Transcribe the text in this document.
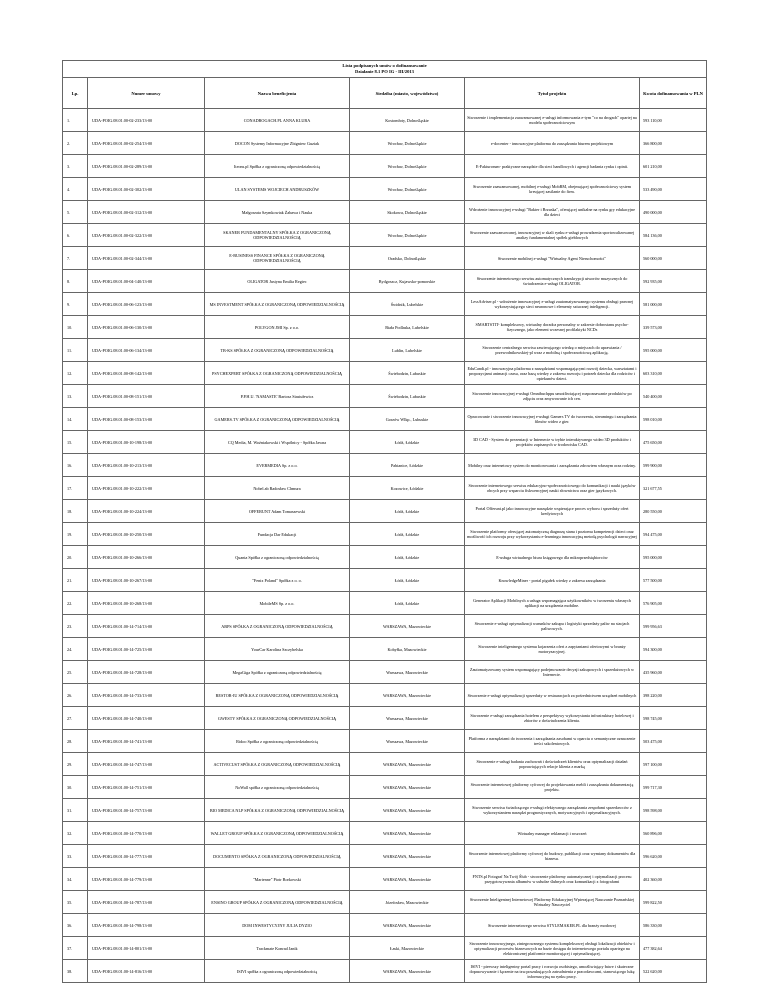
Lista podpisanych umów o dofinansowanie
Działanie 8.1 PO IG - III/2013					

Lp.	Numer umowy	Nazwa beneficjenta	Siedziba (miasto, województwo)	Tytuł projektu	Kwota dofinansowania w PLN
1.	UDA-POIG.08.01.00-02-233/13-00	CONADROGACH.PL ANNA KLUBA	Kostomłoty, Dolnośląskie	Stworzenie i implementacja zaawansowanej e-usługi informowania e-tym "co na drogach" opartej na modelu społecznościowym	593 110,00
2.	UDA-POIG.08.01.00-02-254/13-00	DOCON Systemy Informacyjne Zbigniew Guziak	Wrocław, Dolnośląskie	e-docenter - innowacyjne platforma do zarządzania biurem projektowym	366 800,00
3.	UDA-POIG.08.01.00-02-289/13-00	Iteons.pl Spółka z ograniczoną odpowiedzialnością	Wrocław, Dolnośląskie	E-Fakturorum- praktyczne narzędzie dla sieci handlowych i agencji badania rynku i opinii.	601 210,00
4.	UDA-POIG.08.01.00-02-302/13-00	ULAN SYSTEMS WOJCIECH ANDRUSZKÓW	Wrocław, Dolnośląskie	Stworzenie zaawansowanej, mobilnej e-usługi MobRM, obejmującej społecznościowy system kreującej zasilanie do firm.	533 490,00
5.	UDA-POIG.08.01.00-02-312/13-00	Małgorzata Szymkowiak Żabawa i Nauka	Skokowa, Dolnośląskie	Wdrożenie innowacyjnej e-usługi "Bakter i Brzuska", oferującej unikalne na rynku gry edukacyjne dla dzieci	490 000,00
6.	UDA-POIG.08.01.00-02-322/13-00	SKANER FUNDAMENTALNY SPÓŁKA Z OGRANICZONĄ ODPOWIEDZIALNOŚCIĄ	Wrocław, Dolnośląskie	Stworzenie zaawansowanej, innowacyjnej w skali rynku e-usługi prowadzenia sportowalizowanej analizy fundamentalnej spółek giełdowych	584 136,00
7.	UDA-POIG.08.01.00-02-344/13-00	E-BUSINESS FINANCE SPÓŁKA Z OGRANICZONĄ ODPOWIEDZIALNOŚCIĄ	Oradsko, Dolnośląskie	Stworzenie mobilnej e-usługi "Wirtualny Agent Nieruchomości"	560 000,00
8.	UDA-POIG.08.01.00-04-140/13-00	OLIGATOR Justyna Emilia Regiec	Bydgoszcz, Kujawsko-pomorskie	Stworzenie internetowego serwisu automatycznych transkrypcji utworów muzycznych do świadczenia e-usługi OLIGATOR.	592 935,00
9.	UDA-POIG.08.01.00-06-123/13-00	MS INVESTMENT SPÓŁKA Z OGRANICZONĄ ODPOWIEDZIALNOŚCIĄ	Świdnik, Lubelskie	LessAdviser.pl - wdrożenie innowacyjnej e-usługi zautomatyzowanego systemu obsługi prawnej wykorzystującego sieci neuronowe i elementy sztucznej inteligencji.	581 000,00
10.	UDA-POIG.08.01.00-06-130/13-00	POLYGON JMI Sp. z o.o.	Biała Podlaska, Lubelskie	SMARTSTIT- kompleksowy, wirtualny doradca personalny w zakresie dobrostanu psycho-fizycznego, jako element wczesnej profilaktyki NCDs	339 573,00
11.	UDA-POIG.08.01.00-06-134/13-00	TB-KS SPÓŁKA Z OGRANICZONĄ ODPOWIEDZIALNOŚCIĄ	Lublin, Lubelskie	Stworzenie centralnego serwisu zawierającego wiedzę o miejscach do uprawiania / przewodnikowskiej-pl wraz z mobilną i społecznościową aplikacją.	595 000,00
12.	UDA-POIG.08.01.00-08-142/13-00	PSYCHEXPERT SPÓŁKA Z OGRANICZONĄ ODPOWIEDZIALNOŚCIĄ	Świebodzin, Lubuskie	EduCandi.pl - innowacyjna platforma z narzędziami wspomagającymi rozwój dziecka, warsztatami i propozycjami animacji czasu, oraz bazą wiedzy z zakresu rozwoju i potrzeb dziecka dla rodziców i opiekunów dzieci.	603 310,00
13.	UDA-POIG.08.01.00-08-151/13-00	P.P.H.U. 'NAMASTE' Bartosz Stasiułewicz	Świebodzin, Lubuskie	Stworzenie innowacyjnej e-usługi Omnibuchppu umożliwiającej rozpoznawanie produktów po zdjęciu oraz zmywowanie ich cen.	540 400,00
14.	UDA-POIG.08.01.00-08-153/13-00	GAMERS.TV SPÓŁKA Z OGRANICZONĄ ODPOWIEDZIALNOŚCIĄ	Gorzów Wlkp., Lubuskie	Opracowanie i stworzenie innowacyjnej e-usługi Gamers TV do tworzenia, streamingu i zarządzania filmów wideo z gier.	598 010,00
15.	UDA-POIG.08.01.00-10-198/13-00	CQ Media, M. Woźniakowski i Wspólnicy - Spółka Jawna	Łódź, Łódzkie	3D CAD - System do prezentacji w Internecie w trybie interaktywnego wideo 3D produktów i projektów zapisanych w środowisku CAD.	475 650,00
16.	UDA-POIG.08.01.00-10-213/13-00	EVERMEDIA Sp. z o.o.	Pabianice, Łódzkie	Mobilny oraz internetowy system do monitorowania i zarządzania zdrowiem własnym oraz rodziny.	599 900,00
17.	UDA-POIG.08.01.00-10-222/13-00	Nobel.ab Radosław Chmura	Kozowice, Łódzkie	Stworzenie internetowego serwisu edukacyjno-społecznościowego do komunikacji i nauki języków obcych przy wsparciu fiskwencyjnej nauki słownictwa oraz gier językowych.	321 677,55
18.	UDA-POIG.08.01.00-10-224/13-00	OFFERUNT Adam Tomaszewski	Łódź, Łódzkie	Portal Offerunt.pl jako innowacyjne narzędzie wspierające proces wyboru i sprzedaży ofert kredytowych	280 550,00
19.	UDA-POIG.08.01.00-10-250/13-00	Fundacja Dar Edukacji	Łódź, Łódzkie	Stworzenie platformy oferującej automatyczną diagnozę stanu i poziomu kompetencji dzieci oraz możliwość ich rozwoju przy wykorzystaniu e-learningu innowacyjną metodą psychologii narracyjnej	594 475,00
20.	UDA-POIG.08.01.00-10-266/13-00	Quanta Spółka z ograniczoną odpowiedzialnością	Łódź, Łódzkie	E-usługa wirtualnego biura księgowego dla mikroprzedsiębiorców	595 000,00
21.	UDA-POIG.08.01.00-10-267/13-00	"Fenix Poland" Spółka z o. o.	Łódź, Łódzkie	KnowledgeMiner - portal pigułek wiedzy z zakresu zarządzania	577 500,00
22.	UDA-POIG.08.01.00-10-268/13-00	MobileMS Sp. z o.o.	Łódź, Łódzkie	Generator Aplikacji Mobilnych a usługa wspomagająca użytkowników w tworzeniu własnych aplikacji na urządzenia mobilne.	576 905,00
23.	UDA-POIG.08.01.00-14-714/13-00	ABPS SPÓŁKA Z OGRANICZONĄ ODPOWIEDZIALNOŚCIĄ	WARSZAWA, Mazowieckie	Stworzenie e-usługi optymalizacji warunków zakupu i logistyki sprzedaży paliw na stacjach paliwowych.	599 956,63
24.	UDA-POIG.08.01.00-14-725/13-00	YourCar Karolina Szczybelska	Kobyłka, Mazowieckie	Stworzenie inteligentnego systemu kojarzenia ofert z zapytaniami ofertowymi w branży motoryzacyjnej.	594 300,00
25.	UDA-POIG.08.01.00-14-728/13-00	MegaGiga Spółka z ograniczoną odpowiedzialnością	Warszawa, Mazowieckie	Zautomatyzowany system wspomagający podejmowanie decyzji zakupowych i sprzedażowych w Internecie.	435 960,00
26.	UDA-POIG.08.01.00-14-733/13-00	RESTOR-IU SPÓŁKA Z OGRANICZONĄ ODPOWIEDZIALNOŚCIĄ	WARSZAWA, Mazowieckie	Stworzenie e-usługi optymalizacji sprzedaży w restauracjach za pośrednictwem urządzeń mobilnych	398 220,00
27.	UDA-POIG.08.01.00-14-740/13-00	GWESTY SPÓŁKA Z OGRANICZONĄ ODPOWIEDZIALNOŚCIĄ	Warszawa, Mazowieckie	Stworzenie e-usługi zarządzania hotelem z perspektywy wykorzystania infrastruktury hotelowej i zbiorów z doświadczenia klienta.	598 745,00
28.	UDA-POIG.08.01.00-14-741/13-00	Ridoo Spółka z ograniczoną odpowiedzialnością	Warszawa, Mazowieckie	Platforma z narzędziami do tworzenia i zarządzania zasobami w oparciu o semantyczne oznaczenie treści szkoleniowych.	503 475,00
29.	UDA-POIG.08.01.00-14-747/13-00	ACTIVECUST SPÓŁKA Z OGRANICZONĄ ODPOWIEDZIALNOŚCIĄ	WARSZAWA, Mazowieckie	Stworzenie e-usługi badania zachowań i doświadczeń klientów oraz optymalizacji działań poprawiających relacje klienta z marką	597 100,00
30.	UDA-POIG.08.01.00-14-751/13-00	NoWall spółka z ograniczoną odpowiedzialnością	WARSZAWA, Mazowieckie	Stworzenie internetowej platformy cyfrowej do projektowania mebli i zarządzania dokumentacją projektu.	599 717,30
31.	UDA-POIG.08.01.00-14-757/13-00	BIO MEDICA NLP SPÓŁKA Z OGRANICZONĄ ODPOWIEDZIALNOŚCIĄ	WARSZAWA, Mazowieckie	Stworzenie serwisu świadczącego e-usługi efektywnego zarządzania zespołami sprzedawców z wykorzystaniem narzędzi prognostycznych, motywacyjnych i optymalizacyjnych.	598 598,00
32.	UDA-POIG.08.01.00-14-770/13-00	WALLET GROUP SPÓŁKA Z OGRANICZONĄ ODPOWIEDZIALNOŚCIĄ	WARSZAWA, Mazowieckie	Wirtualny manager reklamacji i roszczeń	560 896,00
33.	UDA-POIG.08.01.00-14-777/13-00	DOCUMENTO SPÓŁKA Z OGRANICZONĄ ODPOWIEDZIALNOŚCIĄ	WARSZAWA, Mazowieckie	Stworzenie internetowej platformy cyfrowej do budowy, publikacji oraz wymiany dokumentów dla biznesu.	596 620,00
34.	UDA-POIG.08.01.00-14-779/13-00	"Marienne" Piotr Borkowski	WARSZAWA, Mazowieckie	FNTS.pl Fotograf Na Twój Ślub - stworzenie platformy automatycznej i optymalizacji procesu przygotowywania albumów w usłudze ślubnych oraz komunikacji z fotografami	402 360,00
35.	UDA-POIG.08.01.00-14-787/13-00	ENSINO GROUP SPÓŁKA Z OGRANICZONĄ ODPOWIEDZIALNOŚCIĄ	Józefosław, Mazowieckie	Stworzenie Inteligentnej Internetowej Platformy Edukacyjnej Wpierającej Nauczanie Poznańskiej Wirtualny Nauczyciel	599 822,50
36.	UDA-POIG.08.01.00-14-798/13-00	DOM INWESTYCYJNY JULIA DYZIO	WARSZAWA, Mazowieckie	Stworzenie internetowego serwisu STYLEMAKER.PL dla branży modowej	586 330,00
37.	UDA-POIG.08.01.00-14-801/13-00	Trackmate Konrad Janik	Łaski, Mazowieckie	Stworzenie innowacyjnego, zintegrowanego systemu kompleksowej obsługi lokalizacji obiektów i optymalizacji procesów biznesowych na bazie dostępu do internetowego portalu opartego na elektronicznej platformie monitorującej i optymalizującej.	477 382,64
38.	UDA-POIG.08.01.00-14-816/13-00	ISIVI spółka z ograniczoną odpowiedzialnością	WARSZAWA, Mazowieckie	ISIVI - pierwszy inteligentny portal pracy i rozwoju osobistego, umożliwiający łatwe i skuteczne dopasowywanie i łączenie na tzw.poszukujących zatrudnienia z pracodawcami, stanowiącego lukę informacyjną na rynku pracy.	522 620,00
